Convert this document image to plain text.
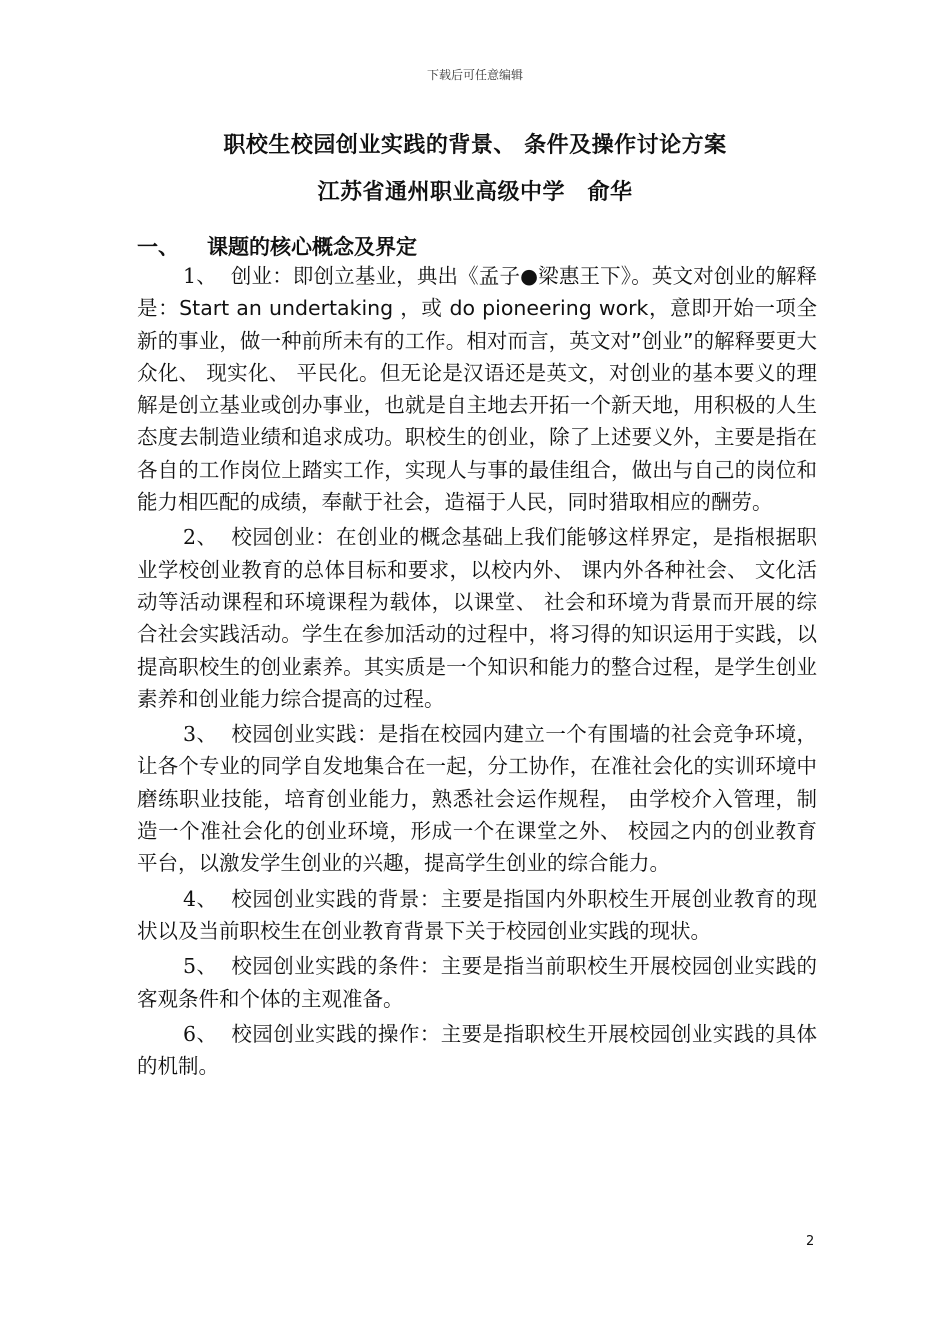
下载后可任意编辑
职校生校园创业实践的背景、 条件及操作讨论方案
江苏省通州职业高级中学　俞华
一、 课题的核心概念及界定

1、 创业：即创立基业，典出《孟子●梁惠王下》。英文对创业的解释是：Start an undertaking ，或 do pioneering work，意即开始一项全新的事业，做一种前所未有的工作。相对而言，英文对”创业”的解释要更大众化、 现实化、 平民化。但无论是汉语还是英文，对创业的基本要义的理解是创立基业或创办事业，也就是自主地去开拓一个新天地，用积极的人生态度去制造业绩和追求成功。职校生的创业，除了上述要义外，主要是指在各自的工作岗位上踏实工作，实现人与事的最佳组合，做出与自己的岗位和能力相匹配的成绩，奉献于社会，造福于人民，同时猎取相应的酬劳。

2、 校园创业：在创业的概念基础上我们能够这样界定，是指根据职业学校创业教育的总体目标和要求，以校内外、 课内外各种社会、 文化活动等活动课程和环境课程为载体，以课堂、 社会和环境为背景而开展的综合社会实践活动。学生在参加活动的过程中，将习得的知识运用于实践，以提高职校生的创业素养。其实质是一个知识和能力的整合过程，是学生创业素养和创业能力综合提高的过程。

3、 校园创业实践：是指在校园内建立一个有围墙的社会竞争环境，让各个专业的同学自发地集合在一起，分工协作，在准社会化的实训环境中磨练职业技能，培育创业能力，熟悉社会运作规程， 由学校介入管理，制造一个准社会化的创业环境，形成一个在课堂之外、 校园之内的创业教育平台，以激发学生创业的兴趣，提高学生创业的综合能力。

4、 校园创业实践的背景：主要是指国内外职校生开展创业教育的现状以及当前职校生在创业教育背景下关于校园创业实践的现状。

5、 校园创业实践的条件：主要是指当前职校生开展校园创业实践的客观条件和个体的主观准备。

6、 校园创业实践的操作：主要是指职校生开展校园创业实践的具体的机制。

2
